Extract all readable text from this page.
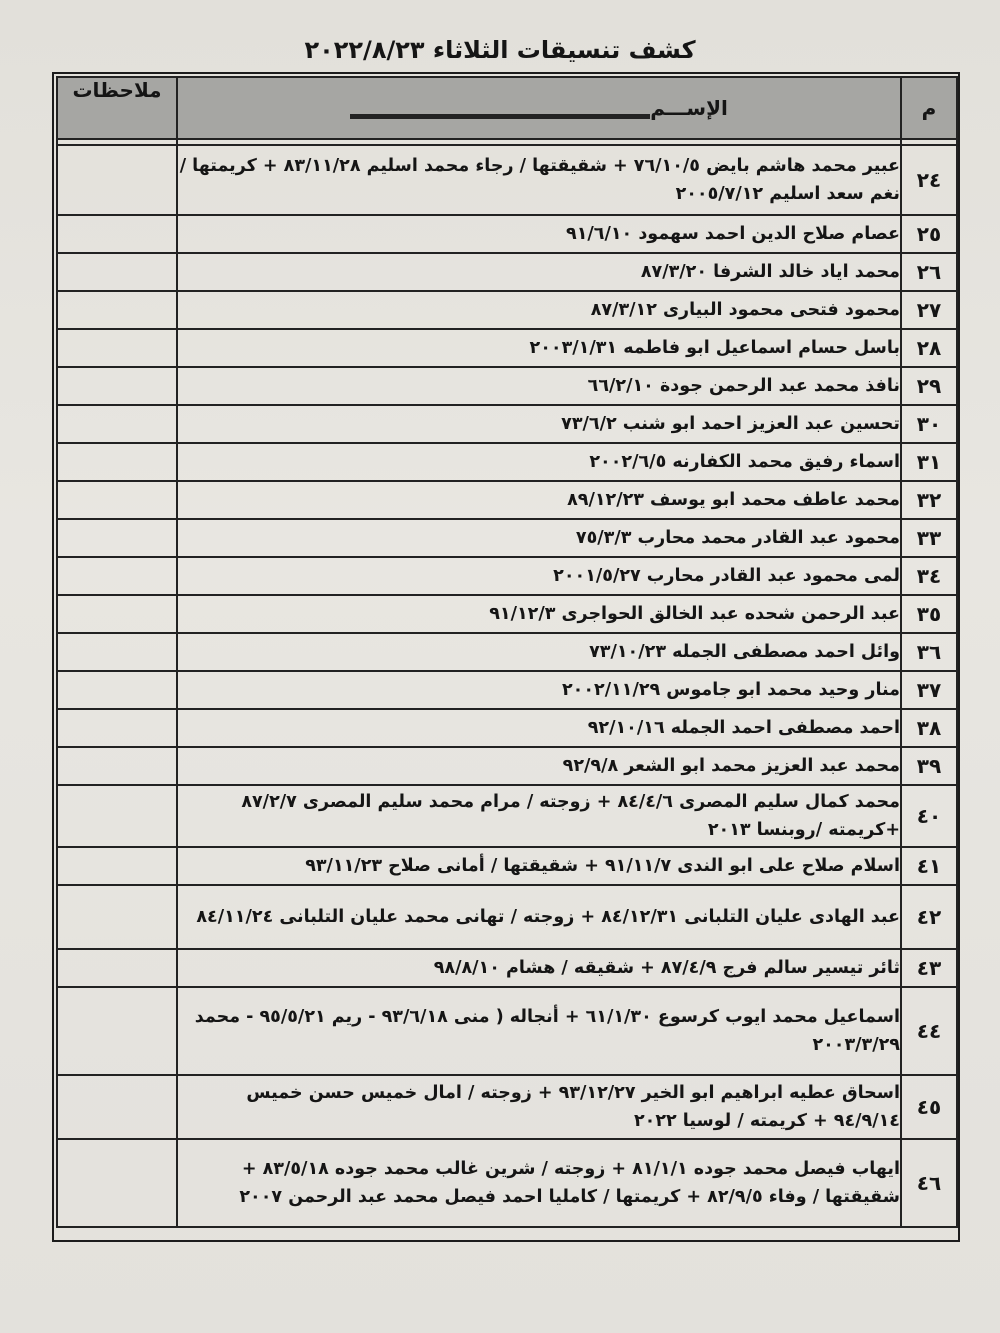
كشف تنسيقات الثلاثاء ٢٠٢٢/٨/٢٣
م	الإســـم	ملاحظات

٢٤	عبير محمد هاشم بايض ٧٦/١٠/٥ + شقيقتها / رجاء محمد اسليم ٨٣/١١/٢٨ + كريمتها / نغم سعد اسليم ٢٠٠٥/٧/١٢	
٢٥	عصام صلاح الدين احمد سهمود ٩١/٦/١٠	
٢٦	محمد اياد خالد الشرفا ٨٧/٣/٢٠	
٢٧	محمود فتحى محمود البيارى ٨٧/٣/١٢	
٢٨	باسل حسام اسماعيل ابو فاطمه ٢٠٠٣/١/٣١	
٢٩	نافذ محمد عبد الرحمن جودة ٦٦/٢/١٠	
٣٠	تحسين عبد العزيز احمد ابو شنب ٧٣/٦/٢	
٣١	اسماء رفيق محمد الكفارنه ٢٠٠٢/٦/٥	
٣٢	محمد عاطف محمد ابو يوسف ٨٩/١٢/٢٣	
٣٣	محمود عبد القادر محمد محارب ٧٥/٣/٣	
٣٤	لمى محمود عبد القادر محارب ٢٠٠١/٥/٢٧	
٣٥	عبد الرحمن شحده عبد الخالق الحواجرى ٩١/١٢/٣	
٣٦	وائل احمد مصطفى الجمله ٧٣/١٠/٢٣	
٣٧	منار وحيد محمد ابو جاموس ٢٠٠٢/١١/٢٩	
٣٨	احمد مصطفى احمد الجمله ٩٢/١٠/١٦	
٣٩	محمد عبد العزيز محمد ابو الشعر ٩٢/٩/٨	
٤٠	محمد كمال سليم المصرى ٨٤/٤/٦ + زوجته / مرام محمد سليم المصرى ٨٧/٢/٧ +كريمته /روبنسا ٢٠١٣	
٤١	اسلام صلاح على ابو الندى ٩١/١١/٧ + شقيقتها / أمانى صلاح ٩٣/١١/٢٣	
٤٢	عبد الهادى عليان التلبانى ٨٤/١٢/٣١ + زوجته / تهانى محمد عليان التلبانى ٨٤/١١/٢٤	
٤٣	ثائر تيسير سالم فرج ٨٧/٤/٩ + شقيقه / هشام ٩٨/٨/١٠	
٤٤	اسماعيل محمد ايوب كرسوع ٦١/١/٣٠ + أنجاله ( منى ٩٣/٦/١٨ - ريم ٩٥/٥/٢١ - محمد ٢٠٠٣/٣/٢٩	
٤٥	اسحاق عطيه ابراهيم ابو الخير ٩٣/١٢/٢٧ + زوجته / امال خميس حسن خميس ٩٤/٩/١٤ + كريمته / لوسيا ٢٠٢٢	
٤٦	ايهاب فيصل محمد جوده ٨١/١/١ + زوجته / شرين غالب محمد جوده ٨٣/٥/١٨ + شقيقتها / وفاء ٨٢/٩/٥ + كريمتها / كامليا احمد فيصل محمد عبد الرحمن ٢٠٠٧	
